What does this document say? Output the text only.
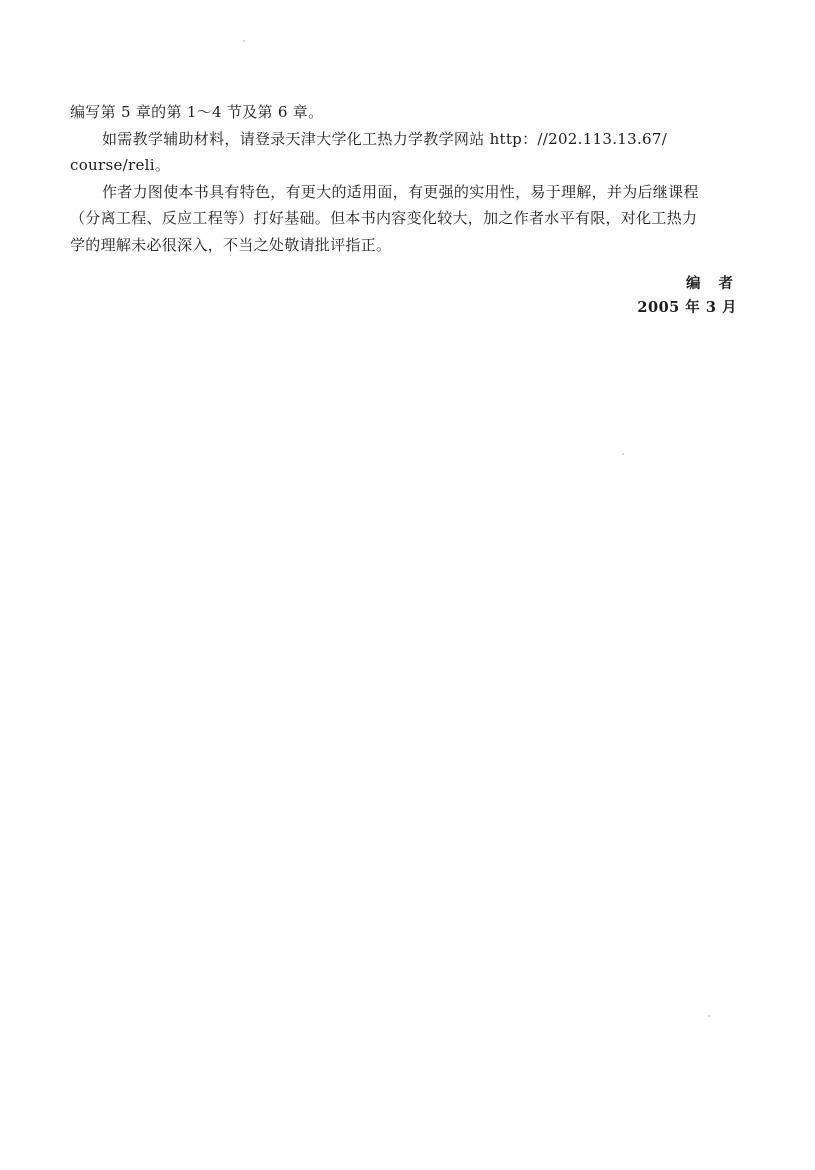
编写第 5 章的第 1～4 节及第 6 章。
如需教学辅助材料，请登录天津大学化工热力学教学网站 http：//202.113.13.67/
course/reli。
作者力图使本书具有特色，有更大的适用面，有更强的实用性，易于理解，并为后继课程
（分离工程、反应工程等）打好基础。但本书内容变化较大，加之作者水平有限，对化工热力
学的理解未必很深入，不当之处敬请批评指正。
编者
2005 年 3 月
